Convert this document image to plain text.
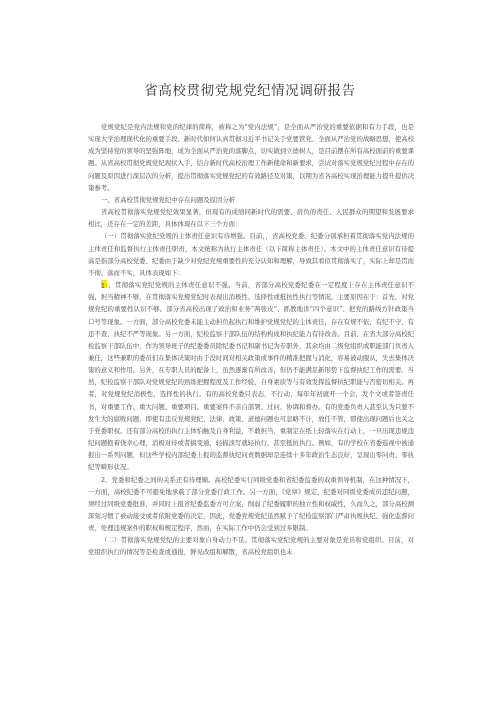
省高校贯彻党规党纪情况调研报告

党规党纪是党内法规和党的纪律的简称，被称之为“党内法规”，是全面从严治党的重要依据和有力手段，也是实现大学治理现代化的重要手段。新时代如何认真贯彻习近平书记关于党要管党、全面从严治党的战略思想，使高校成为坚持党的领导的坚强阵地，成为全面从严治党的落脚点，切实做到立德树人，是目前摆在所有高校面前的重要课题。从省高校贯彻党规党纪现状入手，结合新时代高校治理工作新使命和新要求，尝试对落实党规党纪过程中存在的问题及原因进行深层次的分析，提出贯彻落实党规党纪的有效路径及对策，以期为省各高校实现治理能力提升提供决策参考。

一、省高校贯彻党规党纪中存在问题及原因分析

省高校贯彻落实党规党纪效果显著，但现有的成绩同新时代的需要、肩负的责任、人民群众的期望和发展要求相比，还存在一定的差距，具体体现在以下三个方面：

（一）贯彻落实党纪党规的主体责任意识有待增强。目前，，省高校党委、纪委分别承担着贯彻落实党内法规的主体责任和监督执行主体责任职责，本文统称为执行主体责任（以下简称主体责任）。本文中的主体责任意识有待提高是指部分高校党委、纪委由于缺少对党纪党规重要性的充分认知和理解，导致其看似贯彻落实了，实际上却是贯而不彻、落而不实，具体表现如下：

1 、贯彻落实党纪党规的主体责任意识不强。当前，省部分高校党委纪委在一定程度上存在主体责任意识不强，担当精神不够，在贯彻落实党规党纪时表现出消极性、选择性或抵抗性执行等情况。主要原因在于：首先，对党规党纪的重要性认识不够。部分省高校出现了政治和业务“两张皮”、抓教地讲“四个意识”、把党的路线方针政策当口号等现象。一方面，部分高校党委未能主动担负起执行和维护党规党纪的主体责任，存在有规不依、有纪不守、有违不查、执纪不严等现象。另一方面，纪检监察干部队伍的结构构成和执纪能力有待改善。目前，在省大部分高校纪检监察干部队伍中，作为领导班子的纪委委员除纪委书记和副书记为专职外，其余均由二级党组织或职能部门负责人兼任，这些兼职的委员们在集体决策时由于没时间对相关政策或事件的精准把握与消化，容易被动服从，失去集体决策的意义和作用。另外，在专职人员的配备上，虽然逐渐有所改善，但仍不能满足新形势下监督执纪工作的需要。当然，纪检监察干部队对党规党纪的熟练把握程度及工作经验、自身素质等与有效发挥监督执纪职能与否密切相关。再者，对党规党纪消极性、选择性的执行。有的高校党委只表态，不行动，每年年初就开一个会，发个文或者签责任书，对重要工作、重大问题、重要项目、重要案件不亲自部署、过问、协调和督办。有的党委负责人甚至认为只要不发生大的腐败问题，即使有违反党规党纪、法律、政策、道德问题也可忽略不计，放任不管，即使出现问题后也关之于党委职权。还有部分高校的执行主体怕触及自身利益，不敢担当，重制定在纸上轻落实在行动上，一旦出现违规违纪问题抱着侥幸心理，消极对待或者搞变通，轻描淡写就轻执行，甚至抵抗执行。例如，有的学校在省委巡视中被通报出一系列问题，但这些学校内部纪委上报的监督执纪问责数据却是连续十多年政治生态良好，呈现出零问责、零执纪等畸形状况。

2、党委和纪委之间的关系还有待理顺。高校纪委实行同级党委和省纪委监委的双重领导机制，在这种情况下，一方面，高校纪委不可避免地承载了部分党委行政工作。另一方面，《党章》规定，纪委对同级党委成员违纪问题，须经过同级党委批准，并同时上报省纪委监委方可立案，削弱了纪委履职的独立性和权威性，久而久之，部分高校测深刻习惯了被动接受或者依附党委的决定，因此，党委党规党纪虽然赋予了纪检监察部门严肃执规执纪、强化监督问责、处理违规案件的职权和规定程序，然而，在实际工作中仍会受到过多限制。

（二）贯彻落实党规党纪的主要对象自身动力不足。贯彻落实党纪党规的主要对象是党员和党组织。目前，对党组织执行的情况等是检查或通报，鲜见改组和解散，省高校党组织也未
